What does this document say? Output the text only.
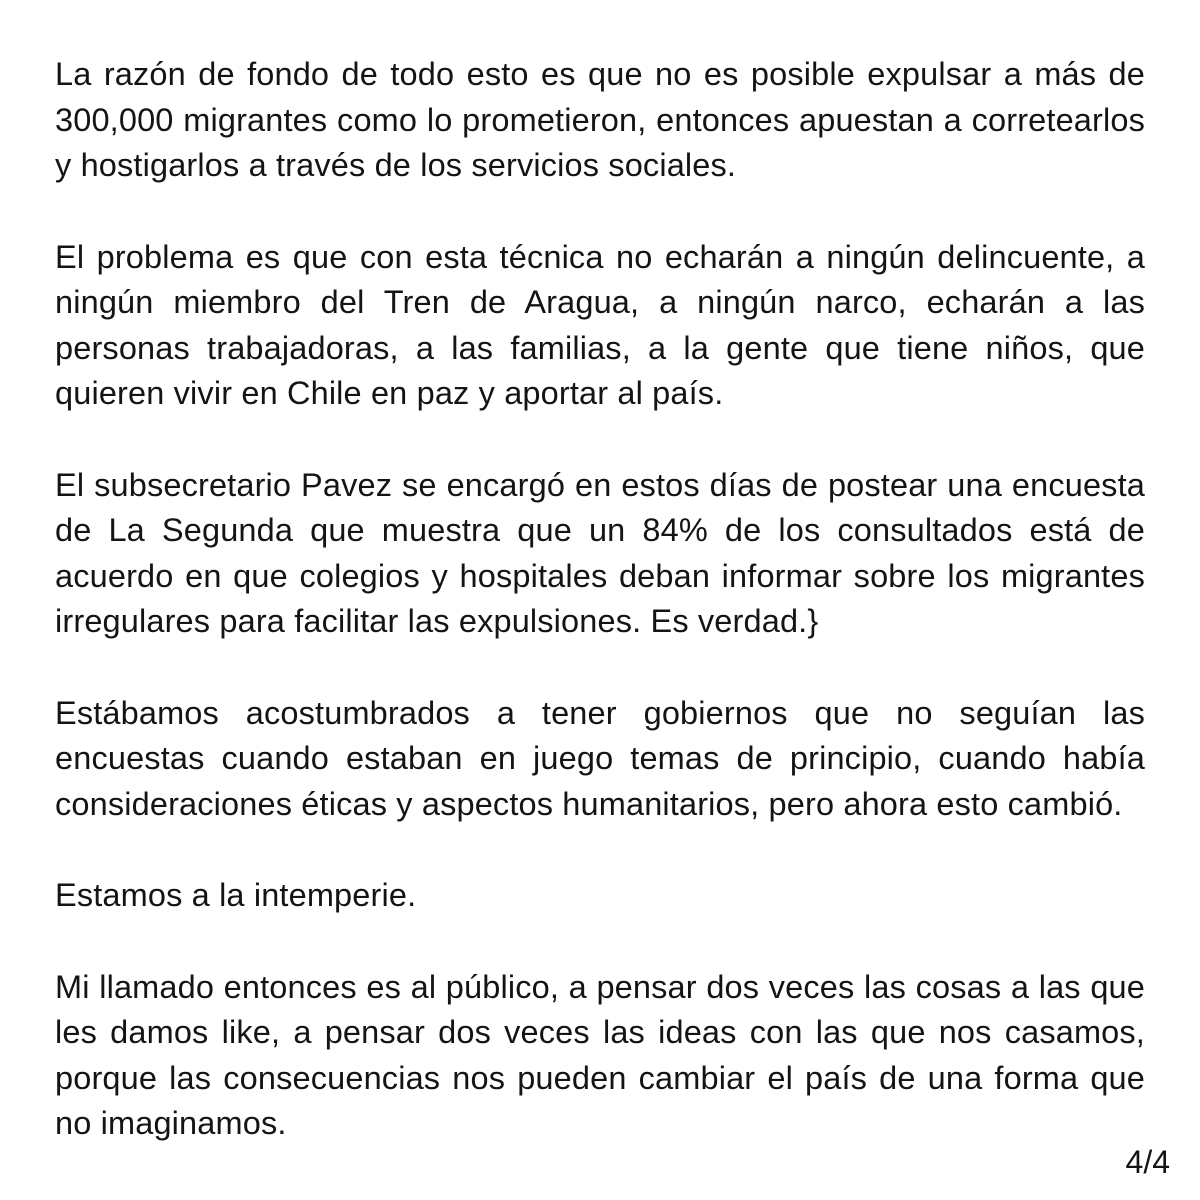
La razón de fondo de todo esto es que no es posible expulsar a más de 300,000 migrantes como lo prometieron, entonces apuestan a corretearlos y hostigarlos a través de los servicios sociales.

El problema es que con esta técnica no echarán a ningún delincuente, a ningún miembro del Tren de Aragua, a ningún narco, echarán a las personas trabajadoras, a las familias, a la gente que tiene niños, que quieren vivir en Chile en paz y aportar al país.

El subsecretario Pavez se encargó en estos días de postear una encuesta de La Segunda que muestra que un 84% de los consultados está de acuerdo en que colegios y hospitales deban informar sobre los migrantes irregulares para facilitar las expulsiones. Es verdad.}

Estábamos acostumbrados a tener gobiernos que no seguían las encuestas cuando estaban en juego temas de principio, cuando había consideraciones éticas y aspectos humanitarios, pero ahora esto cambió.

Estamos a la intemperie.

Mi llamado entonces es al público, a pensar dos veces las cosas a las que les damos like, a pensar dos veces las ideas con las que nos casamos, porque las consecuencias nos pueden cambiar el país de una forma que no imaginamos.

4/4
